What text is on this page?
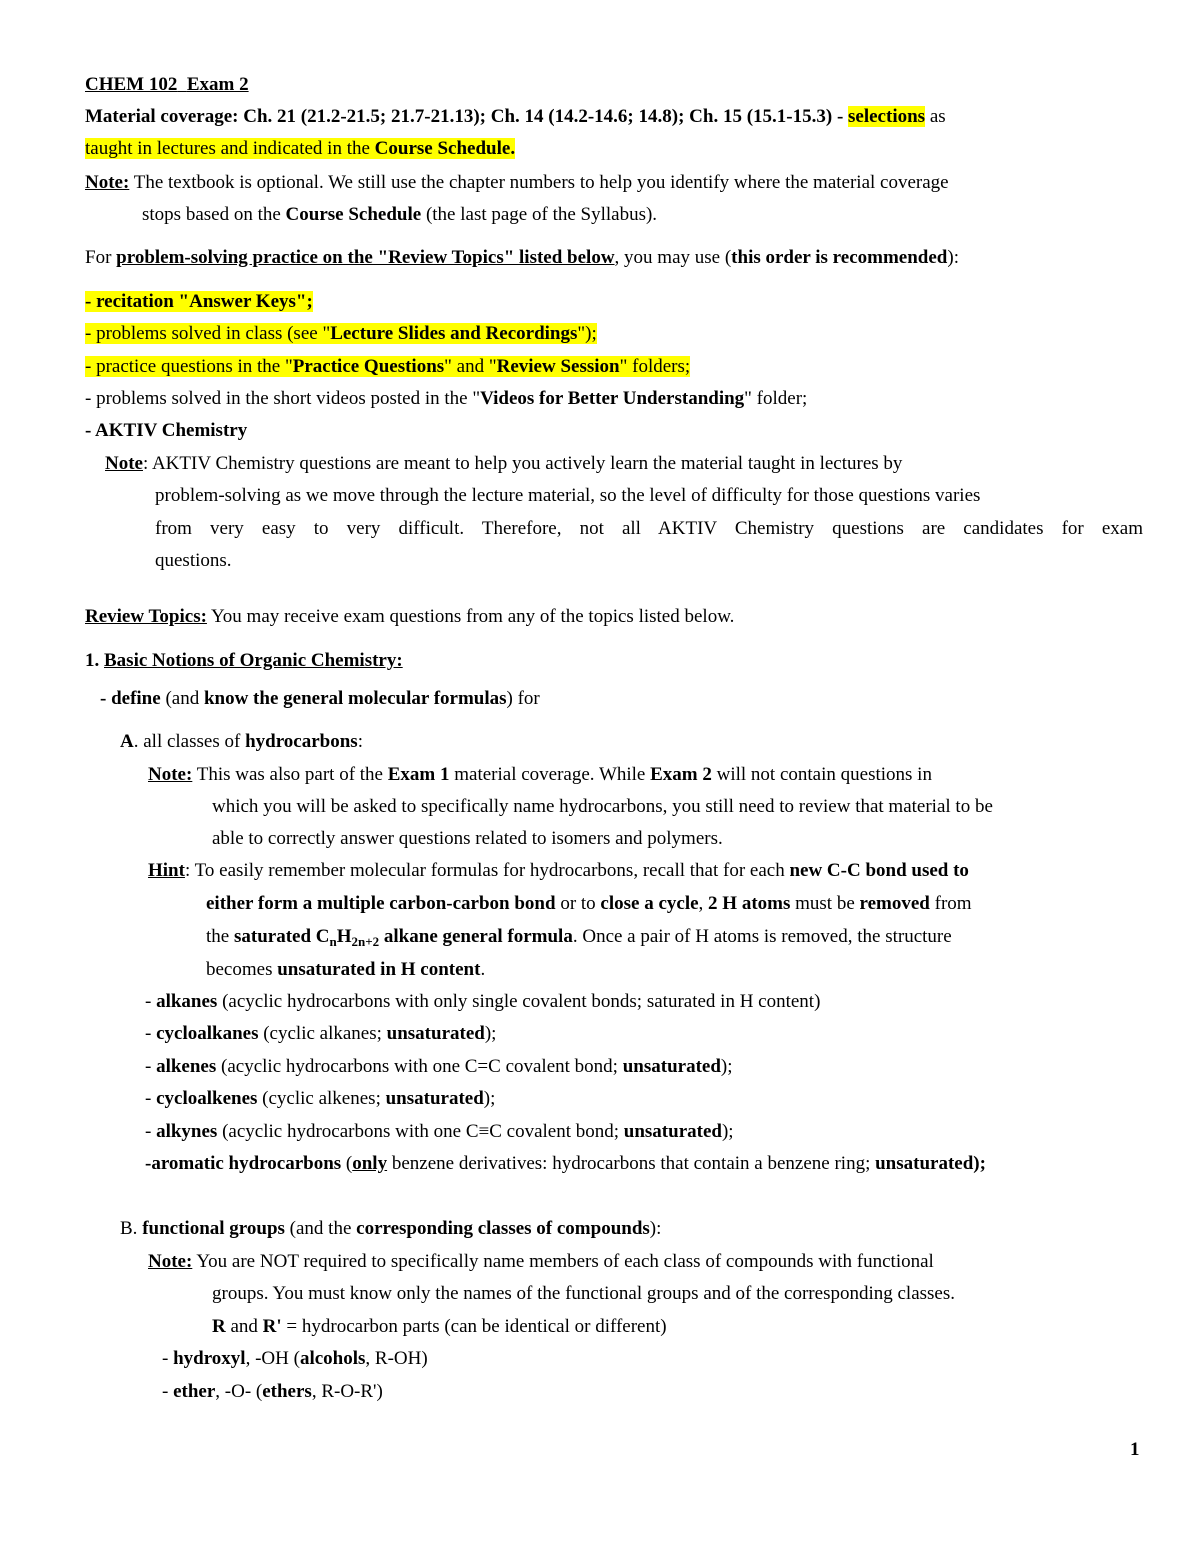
CHEM 102 Exam 2
Material coverage: Ch. 21 (21.2-21.5; 21.7-21.13); Ch. 14 (14.2-14.6; 14.8); Ch. 15 (15.1-15.3) - selections as
taught in lectures and indicated in the Course Schedule.
Note: The textbook is optional. We still use the chapter numbers to help you identify where the material coverage
stops based on the Course Schedule (the last page of the Syllabus).
For problem-solving practice on the "Review Topics" listed below, you may use (this order is recommended):
- recitation "Answer Keys";
- problems solved in class (see "Lecture Slides and Recordings");
- practice questions in the "Practice Questions" and "Review Session" folders;
- problems solved in the short videos posted in the "Videos for Better Understanding" folder;
- AKTIV Chemistry
Note: AKTIV Chemistry questions are meant to help you actively learn the material taught in lectures by
problem-solving as we move through the lecture material, so the level of difficulty for those questions varies
from very easy to very difficult. Therefore, not all AKTIV Chemistry questions are candidates for exam
questions.
Review Topics: You may receive exam questions from any of the topics listed below.
1. Basic Notions of Organic Chemistry:
- define (and know the general molecular formulas) for
A. all classes of hydrocarbons:
Note: This was also part of the Exam 1 material coverage. While Exam 2 will not contain questions in
which you will be asked to specifically name hydrocarbons, you still need to review that material to be
able to correctly answer questions related to isomers and polymers.
Hint: To easily remember molecular formulas for hydrocarbons, recall that for each new C-C bond used to
either form a multiple carbon-carbon bond or to close a cycle, 2 H atoms must be removed from
the saturated $C_nH_{2n+2}$ alkane general formula. Once a pair of H atoms is removed, the structure
becomes unsaturated in H content.
- alkanes (acyclic hydrocarbons with only single covalent bonds; saturated in H content)
- cycloalkanes (cyclic alkanes; unsaturated);
- alkenes (acyclic hydrocarbons with one C=C covalent bond; unsaturated);
- cycloalkenes (cyclic alkenes; unsaturated);
- alkynes (acyclic hydrocarbons with one C≡C covalent bond; unsaturated);
-aromatic hydrocarbons (only benzene derivatives: hydrocarbons that contain a benzene ring; unsaturated);
B. functional groups (and the corresponding classes of compounds):
Note: You are NOT required to specifically name members of each class of compounds with functional
groups. You must know only the names of the functional groups and of the corresponding classes.
R and R' = hydrocarbon parts (can be identical or different)
- hydroxyl, -OH (alcohols, R-OH)
- ether, -O- (ethers, R-O-R')
1
